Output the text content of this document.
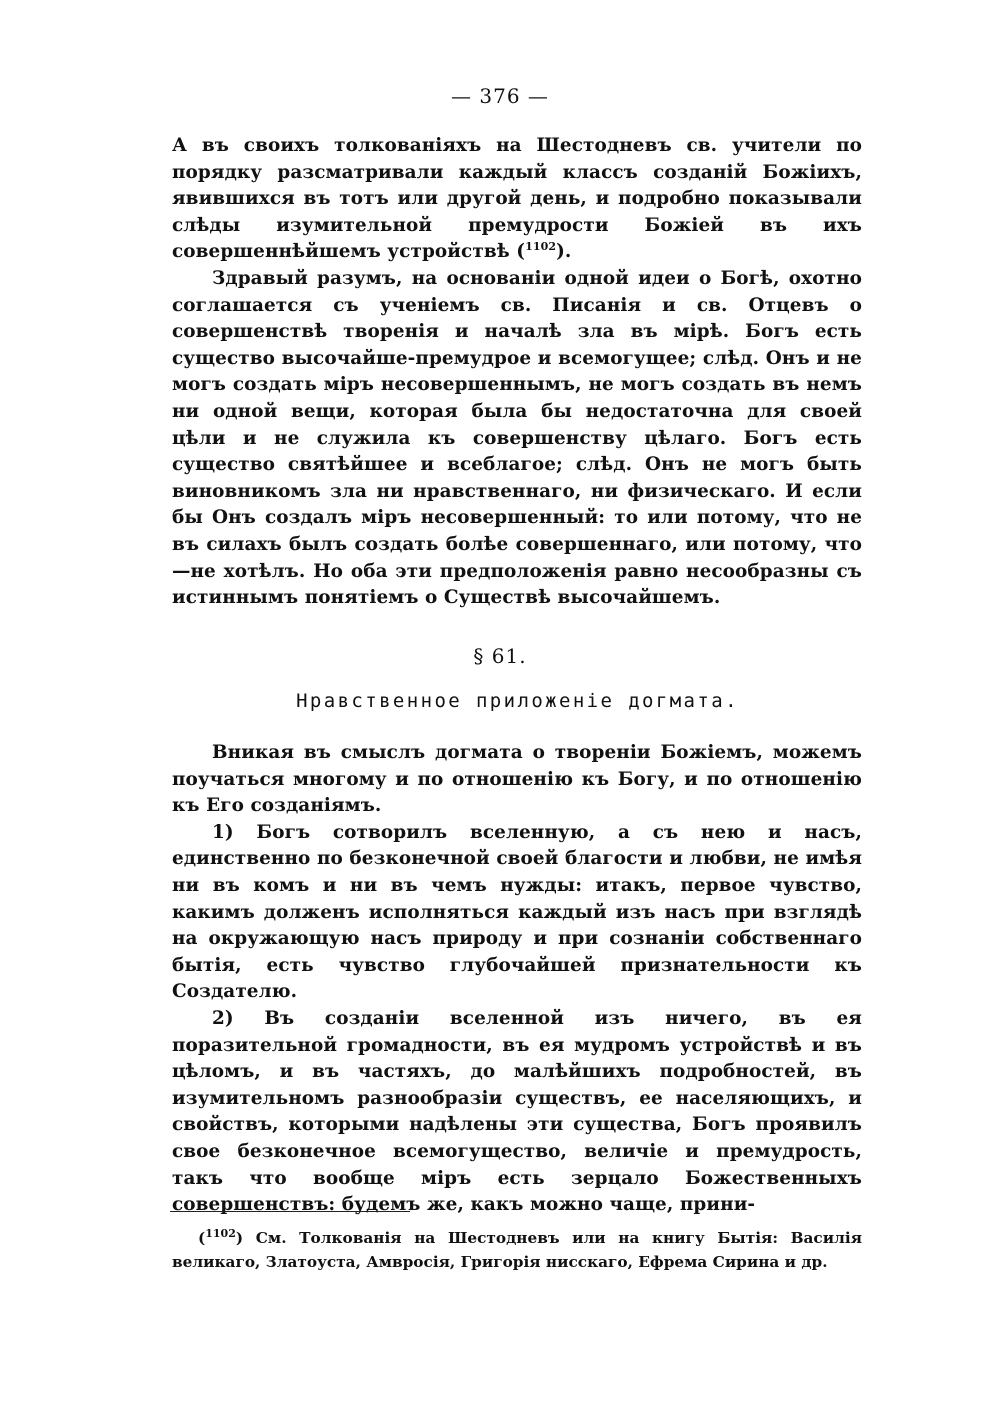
— 376 —

А въ своихъ толкованіяхъ на Шестодневъ св. учители по порядку разсматривали каждый классъ созданій Божіихъ, явившихся въ тотъ или другой день, и подробно показывали слѣды изумительной премудрости Божіей въ ихъ совершеннѣйшемъ устройствѣ ($^{1102}$).

Здравый разумъ, на основаніи одной идеи о Богѣ, охотно соглашается съ ученіемъ св. Писанія и св. Отцевъ о совершенствѣ творенія и началѣ зла въ мірѣ. Богъ есть существо высочайше-премудрое и всемогущее; слѣд. Онъ и не могъ создать міръ несовершеннымъ, не могъ создать въ немъ ни одной вещи, которая была бы недостаточна для своей цѣли и не служила къ совершенству цѣлаго. Богъ есть существо святѣйшее и всеблагое; слѣд. Онъ не могъ быть виновникомъ зла ни нравственнаго, ни физическаго. И если бы Онъ создалъ міръ несовершенный: то или потому, что не въ силахъ былъ создать болѣе совершеннаго, или потому, что—не хотѣлъ. Но оба эти предположенія равно несообразны съ истиннымъ понятіемъ о Существѣ высочайшемъ.

§ 61.
Нравственное приложеніе догмата.

Вникая въ смыслъ догмата о твореніи Божіемъ, можемъ поучаться многому и по отношенію къ Богу, и по отношенію къ Его созданіямъ.

1) Богъ сотворилъ вселенную, а съ нею и насъ, единственно по безконечной своей благости и любви, не имѣя ни въ комъ и ни въ чемъ нужды: итакъ, первое чувство, какимъ долженъ исполняться каждый изъ насъ при взглядѣ на окружающую насъ природу и при сознаніи собственнаго бытія, есть чувство глубочайшей признательности къ Создателю.

2) Въ созданіи вселенной изъ ничего, въ ея поразительной громадности, въ ея мудромъ устройствѣ и въ цѣломъ, и въ частяхъ, до малѣйшихъ подробностей, въ изумительномъ разнообразіи существъ, ее населяющихъ, и свойствъ, которыми надѣлены эти существа, Богъ проявилъ свое безконечное всемогущество, величіе и премудрость, такъ что вообще міръ есть зерцало Божественныхъ совершенствъ: будемъ же, какъ можно чаще, прини-

($^{1102}$) См. Толкованія на Шестодневъ или на книгу Бытія: Василія великаго, Златоуста, Амвросія, Григорія нисскаго, Ефрема Сирина и др.
